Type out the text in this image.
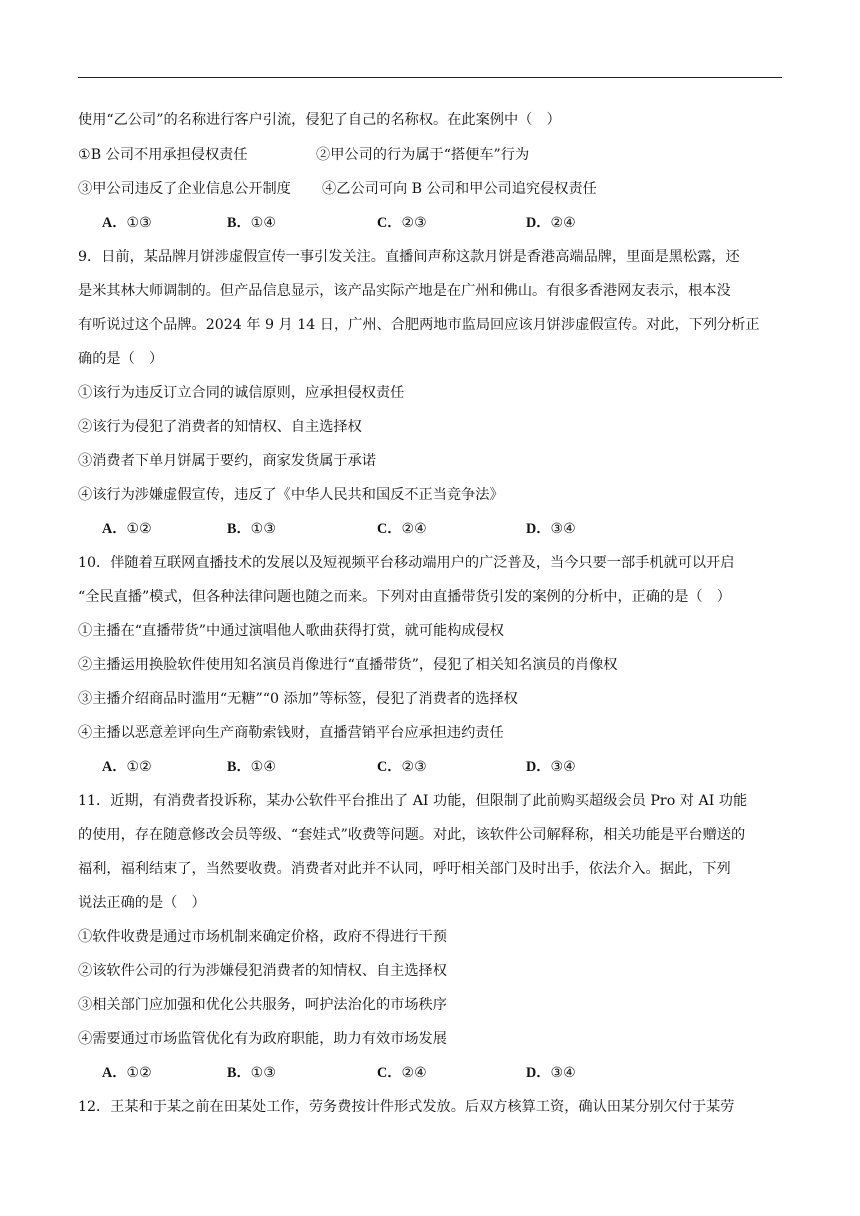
使用“乙公司”的名称进行客户引流，侵犯了自己的名称权。在此案例中（　）
①B 公司不用承担侵权责任	②甲公司的行为属于“搭便车”行为
③甲公司违反了企业信息公开制度	④乙公司可向 B 公司和甲公司追究侵权责任
A．①③	B．①④	C．②③	D．②④
9．日前，某品牌月饼涉虚假宣传一事引发关注。直播间声称这款月饼是香港高端品牌，里面是黑松露，还
是米其林大师调制的。但产品信息显示，该产品实际产地是在广州和佛山。有很多香港网友表示，根本没
有听说过这个品牌。2024 年 9 月 14 日，广州、合肥两地市监局回应该月饼涉虚假宣传。对此，下列分析正
确的是（　）
①该行为违反订立合同的诚信原则，应承担侵权责任
②该行为侵犯了消费者的知情权、自主选择权
③消费者下单月饼属于要约，商家发货属于承诺
④该行为涉嫌虚假宣传，违反了《中华人民共和国反不正当竞争法》
A．①②	B．①③	C．②④	D．③④
10．伴随着互联网直播技术的发展以及短视频平台移动端用户的广泛普及，当今只要一部手机就可以开启
“全民直播”模式，但各种法律问题也随之而来。下列对由直播带货引发的案例的分析中，正确的是（　）
①主播在“直播带货”中通过演唱他人歌曲获得打赏，就可能构成侵权
②主播运用换脸软件使用知名演员肖像进行“直播带货”，侵犯了相关知名演员的肖像权
③主播介绍商品时滥用“无糖”“0 添加”等标签，侵犯了消费者的选择权
④主播以恶意差评向生产商勒索钱财，直播营销平台应承担违约责任
A．①②	B．①④	C．②③	D．③④
11．近期，有消费者投诉称，某办公软件平台推出了 AI 功能，但限制了此前购买超级会员 Pro 对 AI 功能
的使用，存在随意修改会员等级、“套娃式”收费等问题。对此，该软件公司解释称，相关功能是平台赠送的
福利，福利结束了，当然要收费。消费者对此并不认同，呼吁相关部门及时出手，依法介入。据此，下列
说法正确的是（　）
①软件收费是通过市场机制来确定价格，政府不得进行干预
②该软件公司的行为涉嫌侵犯消费者的知情权、自主选择权
③相关部门应加强和优化公共服务，呵护法治化的市场秩序
④需要通过市场监管优化有为政府职能，助力有效市场发展
A．①②	B．①③	C．②④	D．③④
12．王某和于某之前在田某处工作，劳务费按计件形式发放。后双方核算工资，确认田某分别欠付于某劳
